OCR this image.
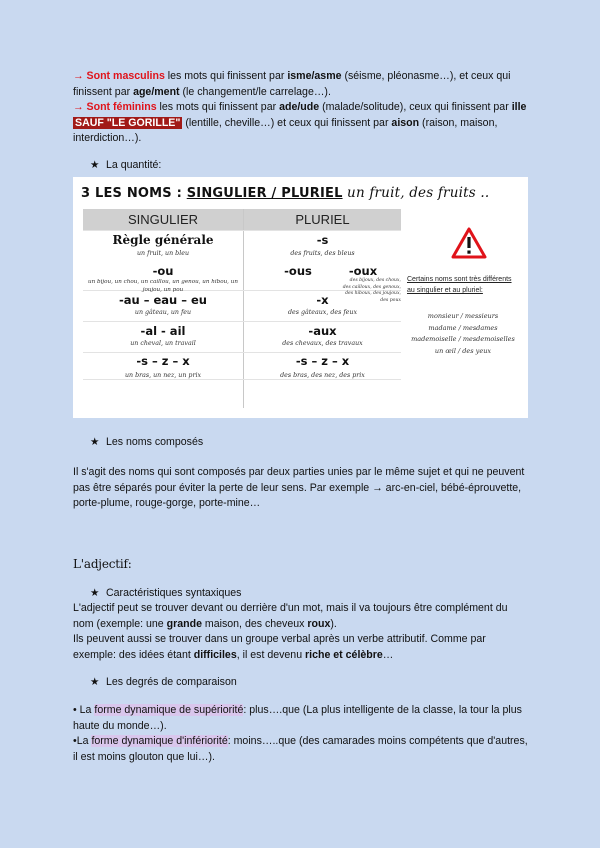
→ Sont masculins les mots qui finissent par isme/asme (séisme, pléonasme…), et ceux qui finissent par age/ment (le changement/le carrelage…).
→ Sont féminins les mots qui finissent par ade/ude (malade/solitude), ceux qui finissent par ille SAUF "LE GORILLE" (lentille, cheville…) et ceux qui finissent par aison (raison, maison, interdiction…).
★ La quantité:
3 LES NOMS : SINGULIER / PLURIEL un fruit, des fruits ..
SINGULIER	PLURIEL
Règle générale
un fruit, un bleu
-s
des fruits, des bleus
-ou
un bijou, un chou, un caillou, un genou, un hibou, un joujou, un pou
-ous	-oux
des bijoux, des choux, des cailloux, des genoux, des hiboux, des joujoux, des poux
-au – eau – eu
un gâteau, un feu
-x
des gâteaux, des feux
-al - ail
un cheval, un travail
-aux
des chevaux, des travaux
-s – z – x
un bras, un nez, un prix
-s – z – x
des bras, des nez, des prix
Certains noms sont très différents au singulier et au pluriel:
monsieur / messieurs
madame / mesdames
mademoiselle / mesdemoiselles
un œil / des yeux
★ Les noms composés
Il s'agit des noms qui sont composés par deux parties unies par le même sujet et qui ne peuvent pas être séparés pour éviter la perte de leur sens. Par exemple → arc-en-ciel, bébé-éprouvette, porte-plume, rouge-gorge, porte-mine…
L'adjectif:
★ Caractéristiques syntaxiques
L'adjectif peut se trouver devant ou derrière d'un mot, mais il va toujours être complément du nom (exemple: une grande maison, des cheveux roux).
Ils peuvent aussi se trouver dans un groupe verbal après un verbe attributif. Comme par exemple: des idées étant difficiles, il est devenu riche et célèbre…
★ Les degrés de comparaison
• La forme dynamique de supériorité: plus….que (La plus intelligente de la classe, la tour la plus haute du monde…).
•La forme dynamique d'infériorité: moins…..que (des camarades moins compétents que d'autres, il est moins glouton que lui…).
